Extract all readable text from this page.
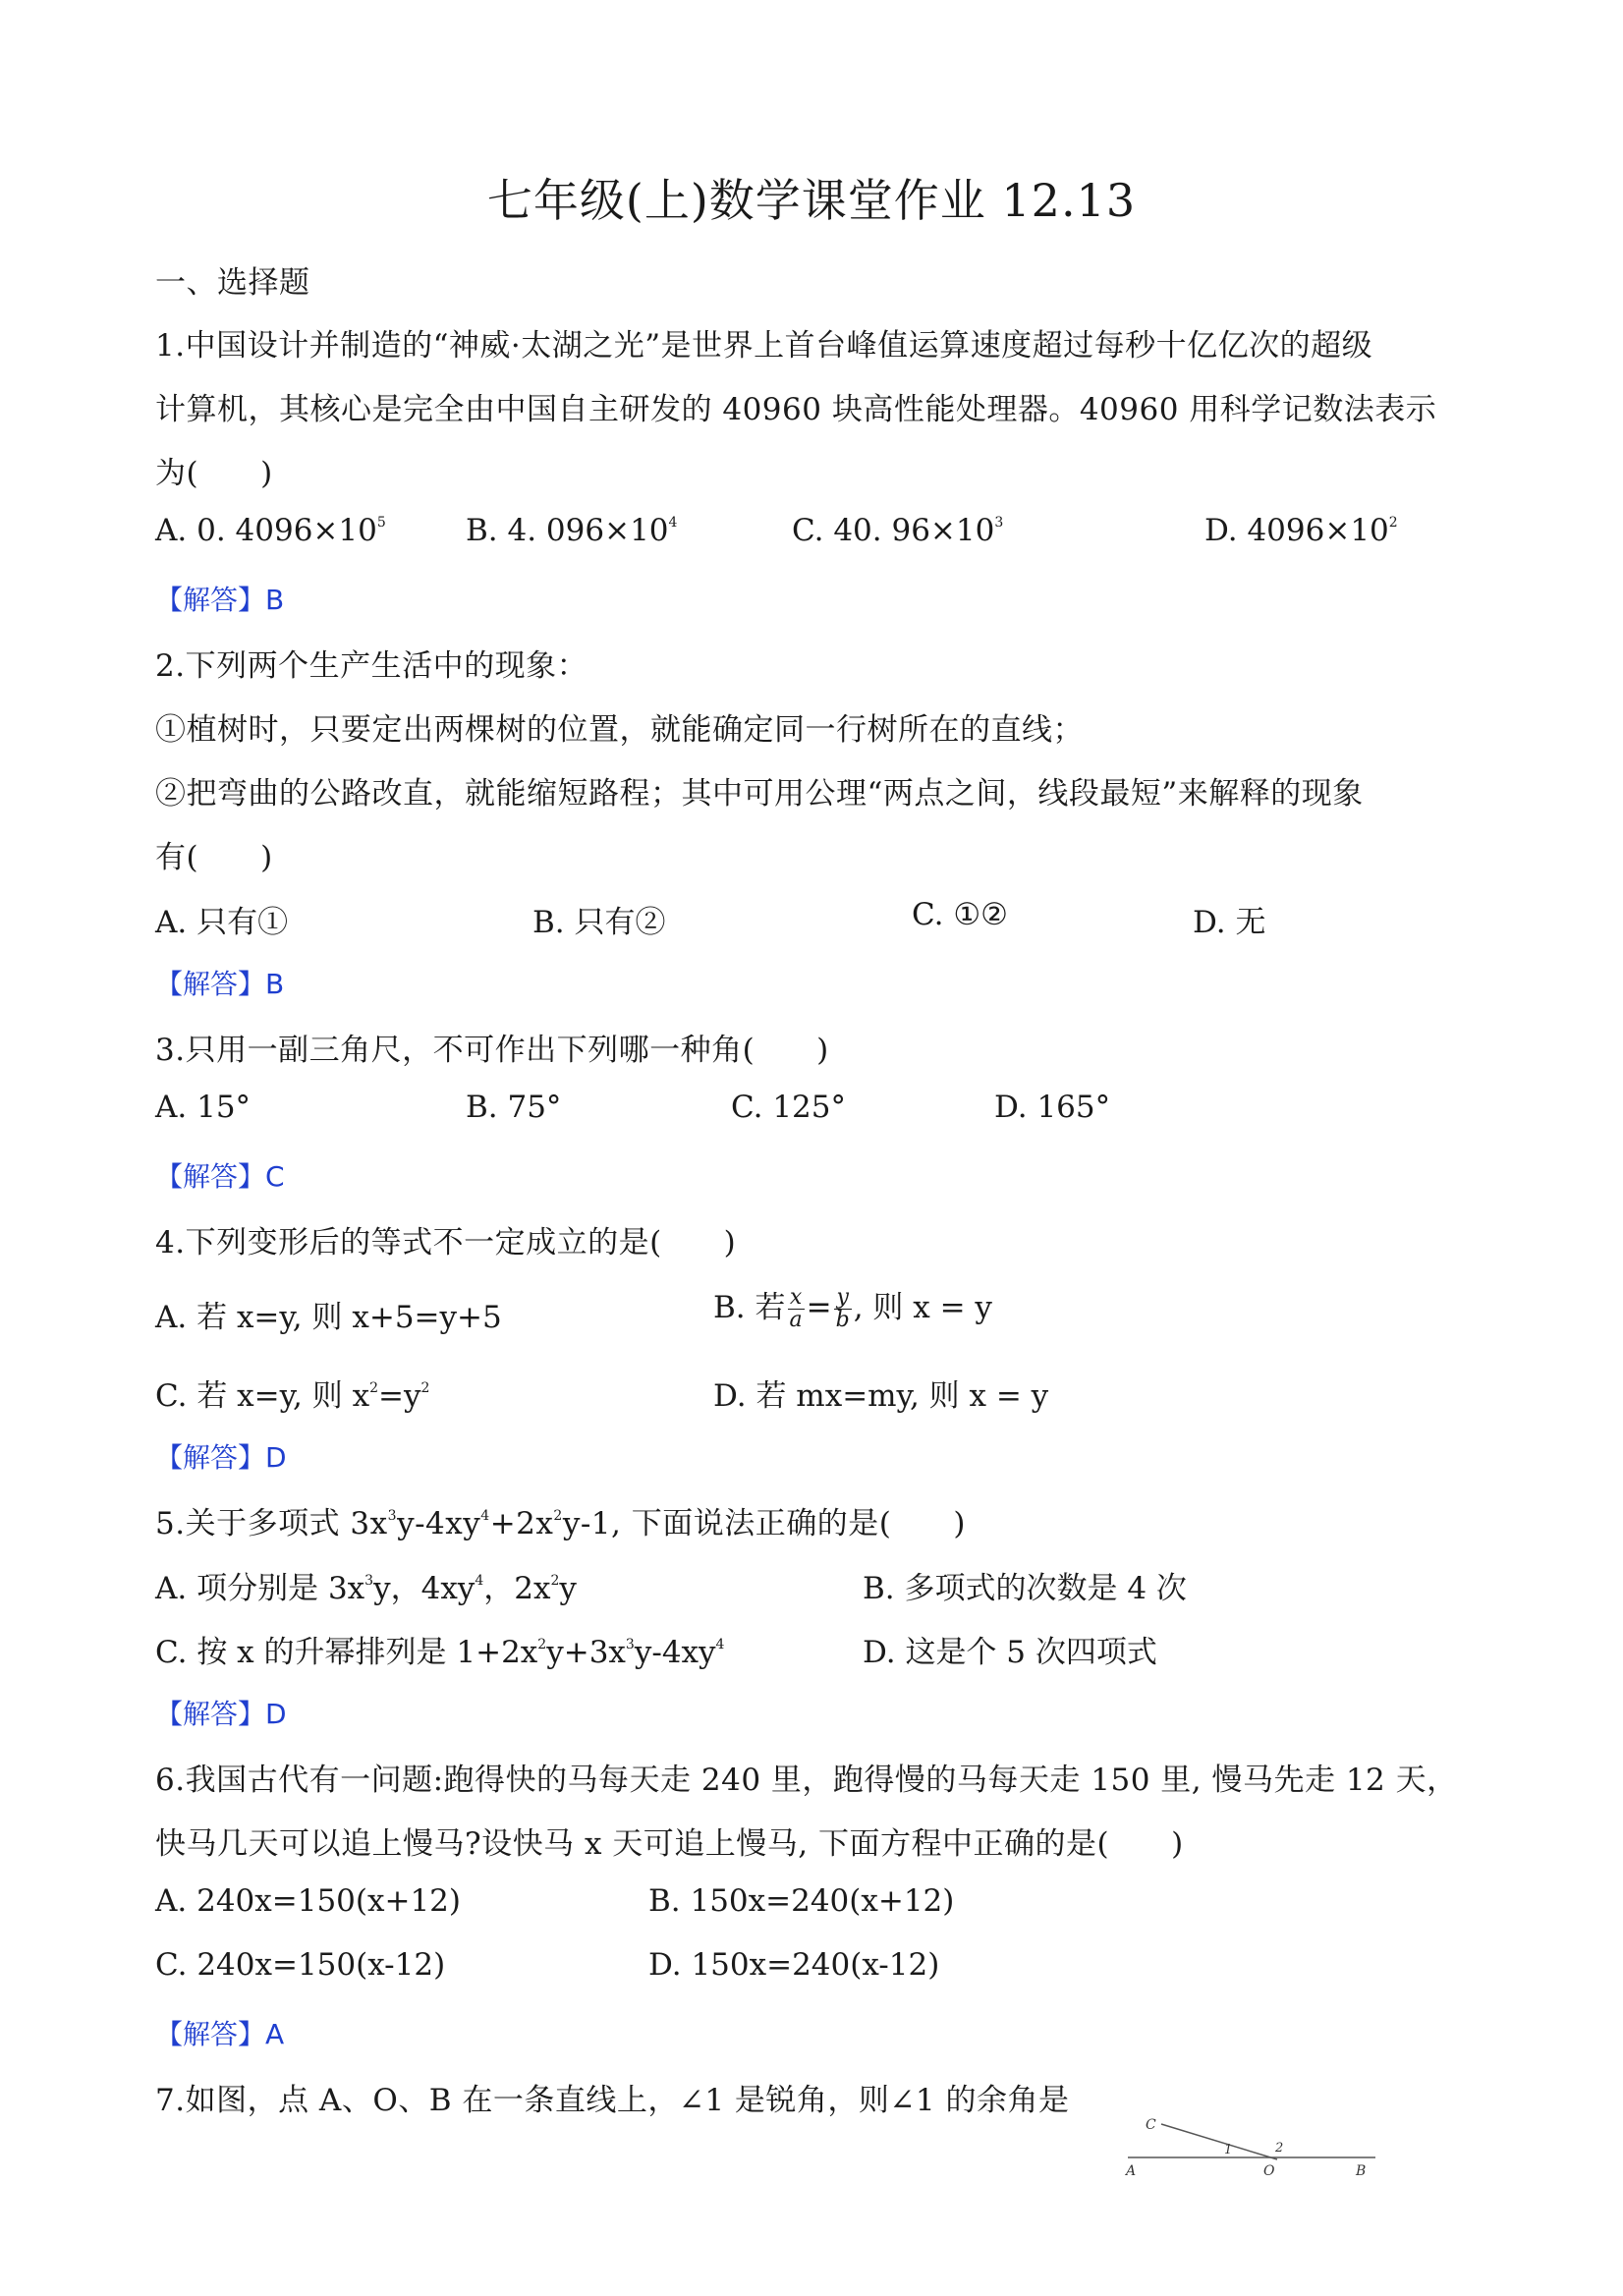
七年级(上)数学课堂作业 12.13
一、选择题
1.中国设计并制造的“神威·太湖之光”是世界上首台峰值运算速度超过每秒十亿亿次的超级
计算机，其核心是完全由中国自主研发的 40960 块高性能处理器。40960 用科学记数法表示
为(　　)
A. 0. $4096\times 10^5$	B. 4. $096\times 10^4$	C. 40. $96\times 10^3$	D. $4096\times 10^2$
【解答】B
2.下列两个生产生活中的现象：
①植树时，只要定出两棵树的位置，就能确定同一行树所在的直线；
②把弯曲的公路改直，就能缩短路程；其中可用公理“两点之间，线段最短”来解释的现象
有(　　)
A. 只有①	B. 只有②	C. ①②	D. 无
【解答】B
3.只用一副三角尺，不可作出下列哪一种角(　　)
A. 15°	B. 75°	C. 125°	D. 165°
【解答】C
4.下列变形后的等式不一定成立的是(　　)
A. 若 x=y, 则 x+5=y+5	B. 若 $\frac{x}{a} = \frac{y}{b}$ , 则 x = y
C. 若 x=y, 则 $x^2=y^2$	D. 若 mx=my, 则 x = y
【解答】D
5.关于多项式 $3x^3y-4xy^4+2x^2y-1$, 下面说法正确的是(　　)
A. 项分别是 $3x^3y$，$4xy^4$，$2x^2y$	B. 多项式的次数是 4 次
C. 按 x 的升幂排列是 $1+2x^2y+3x^3y-4xy^4$	D. 这是个 5 次四项式
【解答】D
6.我国古代有一问题:跑得快的马每天走 240 里，跑得慢的马每天走 150 里, 慢马先走 12 天，
快马几天可以追上慢马?设快马 x 天可追上慢马, 下面方程中正确的是(　　)
A. 240x=150(x+12)	B. 150x=240(x+12)
C. 240x=150(x-12)	D. 150x=240(x-12)
【解答】A
7.如图，点 A、O、B 在一条直线上，∠1 是锐角，则∠1 的余角是
C
A	O	B
1	2
